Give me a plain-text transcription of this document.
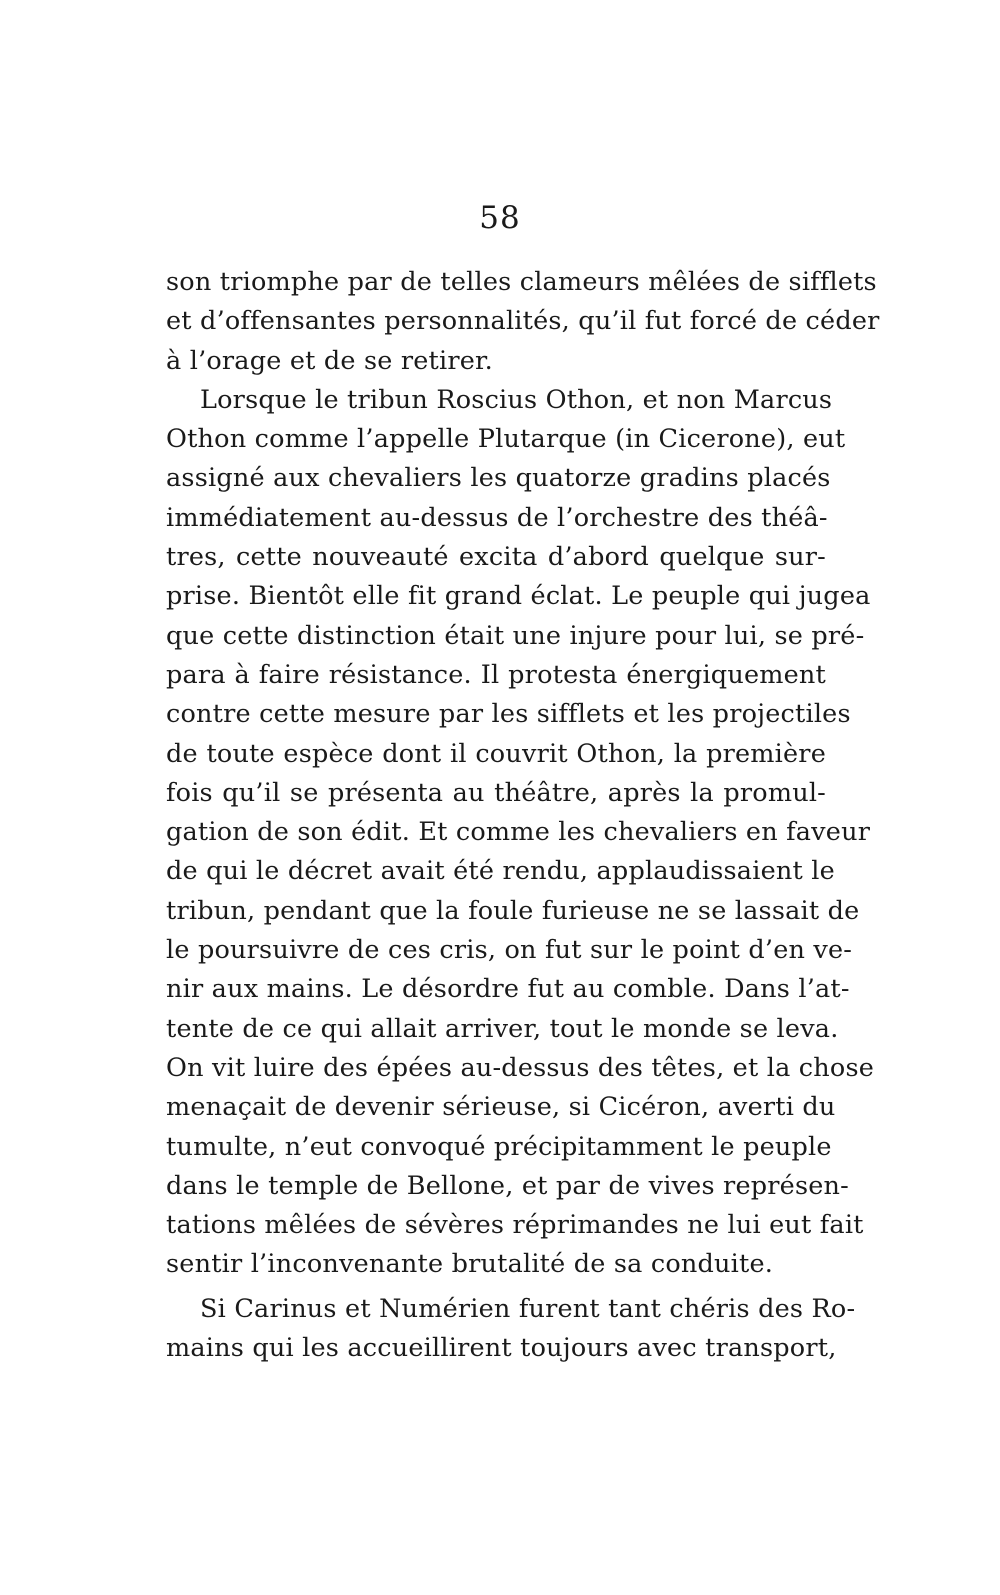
58
son triomphe par de telles clameurs mêlées de sifflets
et d’offensantes personnalités, qu’il fut forcé de céder
à l’orage et de se retirer.
Lorsque le tribun Roscius Othon, et non Marcus
Othon comme l’appelle Plutarque (in Cicerone), eut
assigné aux chevaliers les quatorze gradins placés
immédiatement au-dessus de l’orchestre des théâ-
tres, cette nouveauté excita d’abord quelque sur-
prise. Bientôt elle fit grand éclat. Le peuple qui jugea
que cette distinction était une injure pour lui, se pré-
para à faire résistance. Il protesta énergiquement
contre cette mesure par les sifflets et les projectiles
de toute espèce dont il couvrit Othon, la première
fois qu’il se présenta au théâtre, après la promul-
gation de son édit. Et comme les chevaliers en faveur
de qui le décret avait été rendu, applaudissaient le
tribun, pendant que la foule furieuse ne se lassait de
le poursuivre de ces cris, on fut sur le point d’en ve-
nir aux mains. Le désordre fut au comble. Dans l’at-
tente de ce qui allait arriver, tout le monde se leva.
On vit luire des épées au-dessus des têtes, et la chose
menaçait de devenir sérieuse, si Cicéron, averti du
tumulte, n’eut convoqué précipitamment le peuple
dans le temple de Bellone, et par de vives représen-
tations mêlées de sévères réprimandes ne lui eut fait
sentir l’inconvenante brutalité de sa conduite.
Si Carinus et Numérien furent tant chéris des Ro-
mains qui les accueillirent toujours avec transport,
